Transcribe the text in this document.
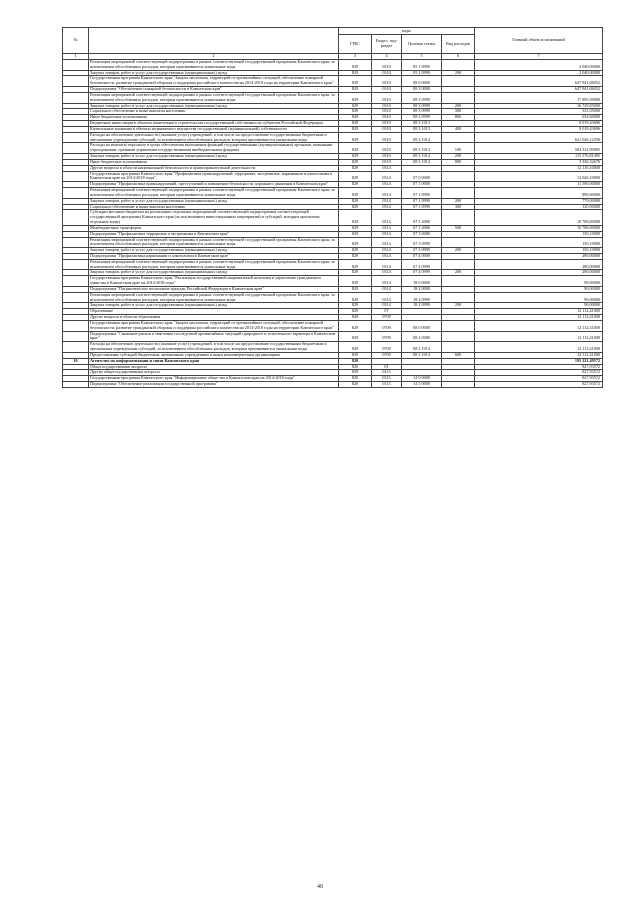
№		коды				Главный объем ассигнований
		ГРБС	Раздел, под-раздел	Целевая статья	Вид расходов	
1	2	3	4	5	6	7
	Реализация мероприятий соответствующей подпрограммы в рамках соответствующей государственной программы Камчатского края, за исключением обособленных расходов, которым присваиваются уникальные коды	829	0310	05 1 0999		2 040,00000
	Закупка товаров, работ и услуг для государственных (муниципальных) нужд	829	0310	05 1 0999	200	2 040,00000
	Государственная программа Камчатского края "Защита населения, территорий от чрезвычайных ситуаций, обеспечение пожарной безопасности, развитие гражданской обороны и поддержка российского казачества на 2014-2018 годы на территории Камчатского края"	829	0310	08 0 0000		647 941,06052
	Подпрограмма "Обеспечение пожарной безопасности в Камчатском крае"	829	0310	08 3 0000		647 941,06052
	Реализация мероприятий соответствующей подпрограммы в рамках соответствующей государственной программы Камчатского края, за исключением обособленных расходов, которым присваиваются уникальные коды	829	0310	08 3 0999		17 895,50000
	Закупка товаров, работ и услуг для государственных (муниципальных) нужд	829	0310	08 3 0999	200	16 729,85000
	Социальное обеспечение и иные выплаты населению	829	0310	08 3 0999	300	531,05000
	Иные бюджетные ассигнования	829	0310	08 3 0999	800	634,60000
	Бюджетные инвестиции в объекты капитального строительства государственной собственности субъектов Российской Федерации	829	0310	08 3 1013		9 019,43696
	Капитальные вложения в объекты недвижимого имущества государственной (муниципальной) собственности	829	0310	08 3 1013	400	9 019,43696
	Расходы на обеспечение деятельности (оказание услуг) учреждений, в том числе на предоставление государственным бюджетным и автономным учреждениям субсидий, за исключением обособленных расходов, которым присваиваются уникальные коды	829	0310	08 3 1014		621 026,12356
	Расходы на выплаты персоналу в целях обеспечения выполнения функций государственными (муниципальными) органами, казенными учреждениями, органами управления государственными внебюджетными фондами	829	0310	08 3 1014	100	504 312,99085
	Закупка товаров, работ и услуг для государственных (муниципальных) нужд	829	0310	08 3 1014	200	113 376,81495
	Иные бюджетные ассигнования	829	0310	08 3 1014	800	3 336,32676
	Другие вопросы в области национальной безопасности и правоохранительной деятельности	829	0314			12 110,10000
	Государственная программа Камчатского края "Профилактика правонарушений, терроризма, экстремизма, наркомании и алкоголизма в Камчатском крае на 2014-2018 годы"	829	0314	07 0 0000		12 020,10000
	Подпрограмма "Профилактика правонарушений, преступлений и повышение безопасности дорожного движения в Камчатском крае"	829	0314	07 1 0000		11 590,00000
	Реализация мероприятий соответствующей подпрограммы в рамках соответствующей государственной программы Камчатского края, за исключением обособленных расходов, которым присваиваются уникальные коды	829	0314	07 1 0999		890,00000
	Закупка товаров, работ и услуг для государственных (муниципальных) нужд	829	0314	07 1 0999	200	770,00000
	Социальное обеспечение и иные выплаты населению	829	0314	07 1 0999	300	120,00000
	Субсидии местным бюджетам на реализацию отдельных мероприятий соответствующей подпрограммы соответствующей государственной программы Камчатского края (за исключением инвестиционных мероприятий и субсидий, которым присвоены отдельные коды)	829	0314	07 1 4006		10 700,00000
	Межбюджетные трансферты	829	0314	07 1 4006	500	10 700,00000
	Подпрограмма "Профилактика терроризма и экстремизма в Камчатском крае"	829	0314	07 3 0000		150,10000
	Реализация мероприятий соответствующей подпрограммы в рамках соответствующей государственной программы Камчатского края, за исключением обособленных расходов, которым присваиваются уникальные коды	829	0314	07 3 0999		150,10000
	Закупка товаров, работ и услуг для государственных (муниципальных) нужд	829	0314	07 3 0999	200	150,10000
	Подпрограмма "Профилактика наркомании и алкоголизма в Камчатском крае"	829	0314	07 4 0000		280,00000
	Реализация мероприятий соответствующей подпрограммы в рамках соответствующей государственной программы Камчатского края, за исключением обособленных расходов, которым присваиваются уникальные коды	829	0314	07 4 0999		280,00000
	Закупка товаров, работ и услуг для государственных (муниципальных) нужд	829	0314	07 4 0999	200	280,00000
	Государственная программа Камчатского края "Реализация государственной национальной политики и укрепление гражданского единства в Камчатском крае на 2014-2018 годы"	829	0314	18 0 0000		90,00000
	Подпрограмма "Патриотическое воспитание граждан Российской Федерации в Камчатском крае"	829	0314	18 2 0000		90,00000
	Реализация мероприятий соответствующей подпрограммы в рамках соответствующей государственной программы Камчатского края, за исключением обособленных расходов, которым присваиваются уникальные коды	829	0314	18 2 0999		90,00000
	Закупка товаров, работ и услуг для государственных (муниципальных) нужд	829	0314	18 2 0999	200	90,00000
	Образование	829	07			12 112,41000
	Другие вопросы в области образования	829	0709			12 112,41000
	Государственная программа Камчатского края "Защита населения, территорий от чрезвычайных ситуаций, обеспечение пожарной безопасности, развитие гражданской обороны и поддержка российского казачества на 2014-2018 годы на территории Камчатского края"	829	0709	08 0 0000		12 112,41000
	Подпрограмма "Снижение рисков и смягчение последствий чрезвычайных ситуаций природного и техногенного характера в Камчатском крае"	829	0709	08 2 0000		12 112,41000
	Расходы на обеспечение деятельности (оказание услуг) учреждений, в том числе на предоставление государственным бюджетным и автономным учреждениям субсидий, за исключением обособленных расходов, которым присваиваются уникальные коды	829	0709	08 2 1014		12 112,41000
	Предоставление субсидий бюджетным, автономным учреждениям и иным некоммерческим организациям	829	0709	08 2 1014	600	12 112,41000
16	Агентство по информатизации и связи Камчатского края	820				195 221,49572
	Общегосударственные вопросы	820	01			827,93572
	Другие общегосударственные вопросы	820	0113			827,93572
	Государственная программа Камчатского края "Информационное общество в Камчатском крае на 2014-2018 годы"	820	0113	14 0 0000		827,93572
	Подпрограмма "Обеспечение реализации государственной программы"	820	0113	14 5 0000		827,93572
40
